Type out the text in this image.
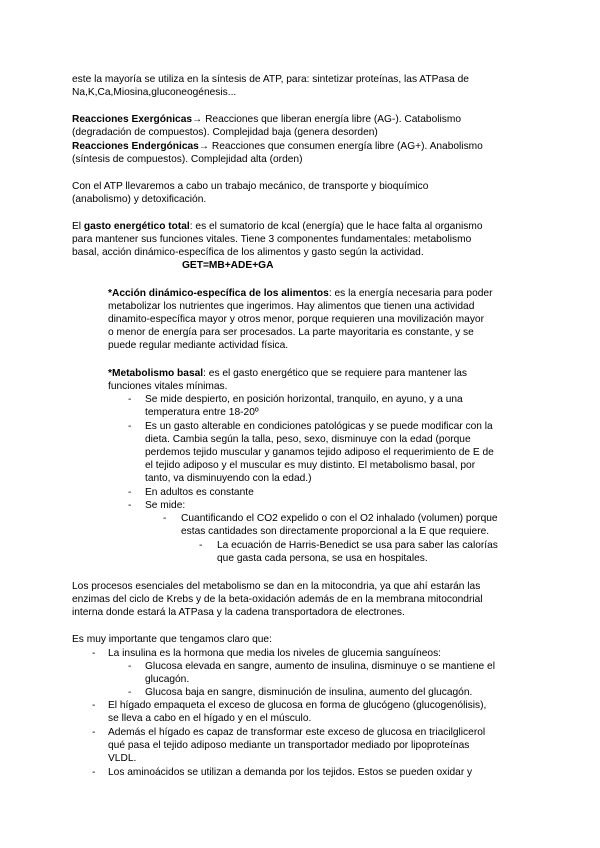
este la mayoría se utiliza en la síntesis de ATP, para: sintetizar proteínas, las ATPasa de
Na,K,Ca,Miosina,gluconeogénesis...
Reacciones Exergónicas→ Reacciones que liberan energía libre (AG-). Catabolismo
(degradación de compuestos). Complejidad baja (genera desorden)
Reacciones Endergónicas→ Reacciones que consumen energía libre (AG+). Anabolismo
(síntesis de compuestos). Complejidad alta (orden)
Con el ATP llevaremos a cabo un trabajo mecánico, de transporte y bioquímico
(anabolismo) y detoxificación.
El gasto energético total: es el sumatorio de kcal (energía) que le hace falta al organismo
para mantener sus funciones vitales. Tiene 3 componentes fundamentales: metabolismo
basal, acción dinámico-específica de los alimentos y gasto según la actividad.
GET=MB+ADE+GA
*Acción dinámico-específica de los alimentos: es la energía necesaria para poder
metabolizar los nutrientes que ingerimos. Hay alimentos que tienen una actividad
dinamito-específica mayor y otros menor, porque requieren una movilización mayor
o menor de energía para ser procesados. La parte mayoritaria es constante, y se
puede regular mediante actividad física.
*Metabolismo basal: es el gasto energético que se requiere para mantener las
funciones vitales mínimas.
- Se mide despierto, en posición horizontal, tranquilo, en ayuno, y a una
temperatura entre 18-20º
- Es un gasto alterable en condiciones patológicas y se puede modificar con la
dieta. Cambia según la talla, peso, sexo, disminuye con la edad (porque
perdemos tejido muscular y ganamos tejido adiposo el requerimiento de E de
el tejido adiposo y el muscular es muy distinto. El metabolismo basal, por
tanto, va disminuyendo con la edad.)
- En adultos es constante
- Se mide:
- Cuantificando el CO2 expelido o con el O2 inhalado (volumen) porque
estas cantidades son directamente proporcional a la E que requiere.
- La ecuación de Harris-Benedict se usa para saber las calorías
que gasta cada persona, se usa en hospitales.
Los procesos esenciales del metabolismo se dan en la mitocondria, ya que ahí estarán las
enzimas del ciclo de Krebs y de la beta-oxidación además de en la membrana mitocondrial
interna donde estará la ATPasa y la cadena transportadora de electrones.
Es muy importante que tengamos claro que:
- La insulina es la hormona que media los niveles de glucemia sanguíneos:
- Glucosa elevada en sangre, aumento de insulina, disminuye o se mantiene el
glucagón.
- Glucosa baja en sangre, disminución de insulina, aumento del glucagón.
- El hígado empaqueta el exceso de glucosa en forma de glucógeno (glucogenólisis),
se lleva a cabo en el hígado y en el músculo.
- Además el hígado es capaz de transformar este exceso de glucosa en triacilglicerol
qué pasa el tejido adiposo mediante un transportador mediado por lipoproteínas
VLDL.
- Los aminoácidos se utilizan a demanda por los tejidos. Estos se pueden oxidar y
